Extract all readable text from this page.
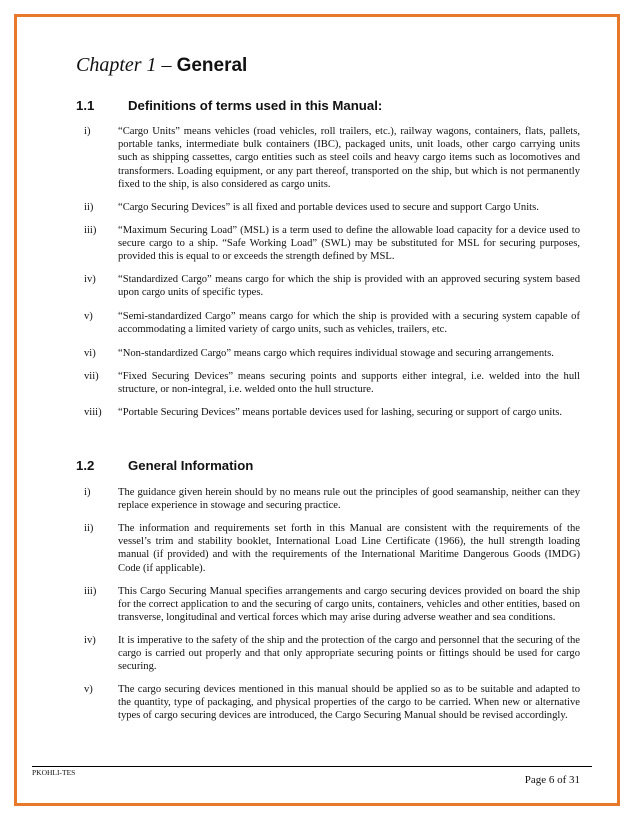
Chapter 1 – General
1.1	Definitions of terms used in this Manual:
i)	“Cargo Units” means vehicles (road vehicles, roll trailers, etc.), railway wagons, containers, flats, pallets, portable tanks, intermediate bulk containers (IBC), packaged units, unit loads, other cargo carrying units such as shipping cassettes, cargo entities such as steel coils and heavy cargo items such as locomotives and transformers. Loading equipment, or any part thereof, transported on the ship, but which is not permanently fixed to the ship, is also considered as cargo units.
ii)	“Cargo Securing Devices” is all fixed and portable devices used to secure and support Cargo Units.
iii)	“Maximum Securing Load” (MSL) is a term used to define the allowable load capacity for a device used to secure cargo to a ship. “Safe Working Load” (SWL) may be substituted for MSL for securing purposes, provided this is equal to or exceeds the strength defined by MSL.
iv)	“Standardized Cargo” means cargo for which the ship is provided with an approved securing system based upon cargo units of specific types.
v)	“Semi-standardized Cargo” means cargo for which the ship is provided with a securing system capable of accommodating a limited variety of cargo units, such as vehicles, trailers, etc.
vi)	“Non-standardized Cargo” means cargo which requires individual stowage and securing arrangements.
vii)	“Fixed Securing Devices” means securing points and supports either integral, i.e. welded into the hull structure, or non-integral, i.e. welded onto the hull structure.
viii)	“Portable Securing Devices” means portable devices used for lashing, securing or support of cargo units.
1.2	General Information
i)	The guidance given herein should by no means rule out the principles of good seamanship, neither can they replace experience in stowage and securing practice.
ii)	The information and requirements set forth in this Manual are consistent with the requirements of the vessel’s trim and stability booklet, International Load Line Certificate (1966), the hull strength loading manual (if provided) and with the requirements of the International Maritime Dangerous Goods (IMDG) Code (if applicable).
iii)	This Cargo Securing Manual specifies arrangements and cargo securing devices provided on board the ship for the correct application to and the securing of cargo units, containers, vehicles and other entities, based on transverse, longitudinal and vertical forces which may arise during adverse weather and sea conditions.
iv)	It is imperative to the safety of the ship and the protection of the cargo and personnel that the securing of the cargo is carried out properly and that only appropriate securing points or fittings should be used for cargo securing.
v)	The cargo securing devices mentioned in this manual should be applied so as to be suitable and adapted to the quantity, type of packaging, and physical properties of the cargo to be carried. When new or alternative types of cargo securing devices are introduced, the Cargo Securing Manual should be revised accordingly.
PKOHLI-TES
Page 6 of 31
